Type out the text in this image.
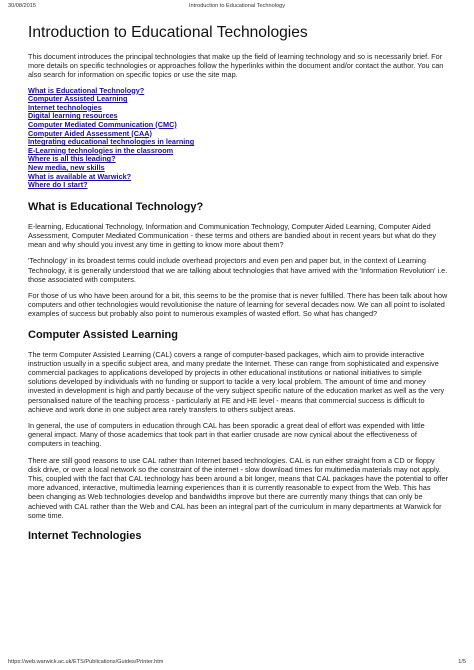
30/08/2015	Introduction to Educational Technology
Introduction to Educational Technologies

This document introduces the principal technologies that make up the field of learning technology and so is necessarily brief. For more details on specific technologies or approaches follow the hyperlinks within the document and/or contact the author. You can also search for information on specific topics or use the site map.

What is Educational Technology?
Computer Assisted Learning
Internet technologies
Digital learning resources
Computer Mediated Communication (CMC)
Computer Aided Assessment (CAA)
Integrating educational technologies in learning
E-Learning technologies in the classroom
Where is all this leading?
New media, new skills
What is available at Warwick?
Where do I start?
What is Educational Technology?

E-learning, Educational Technology, Information and Communication Technology, Computer Aided Learning, Computer Aided Assessment, Computer Mediated Communication - these terms and others are bandied about in recent years but what do they mean and why should you invest any time in getting to know more about them?

'Technology' in its broadest terms could include overhead projectors and even pen and paper but, in the context of Learning Technology, it is generally understood that we are talking about technologies that have arrived with the 'Information Revolution' i.e. those associated with computers.

For those of us who have been around for a bit, this seems to be the promise that is never fulfilled. There has been talk about how computers and other technologies would revolutionise the nature of learning for several decades now. We can all point to isolated examples of success but probably also point to numerous examples of wasted effort. So what has changed?

Computer Assisted Learning

The term Computer Assisted Learning (CAL) covers a range of computer-based packages, which aim to provide interactive instruction usually in a specific subject area, and many predate the Internet. These can range from sophisticated and expensive commercial packages to applications developed by projects in other educational institutions or national initiatives to simple solutions developed by individuals with no funding or support to tackle a very local problem. The amount of time and money invested in development is high and partly because of the very subject specific nature of the education market as well as the very personalised nature of the teaching process - particularly at FE and HE level - means that commercial success is difficult to achieve and work done in one subject area rarely transfers to others subject areas.

In general, the use of computers in education through CAL has been sporadic a great deal of effort was expended with little general impact. Many of those academics that took part in that earlier crusade are now cynical about the effectiveness of computers in teaching.

There are still good reasons to use CAL rather than Internet based technologies. CAL is run either straight from a CD or floppy disk drive, or over a local network so the constraint of the internet - slow download times for multimedia materials may not apply. This, coupled with the fact that CAL technology has been around a bit longer, means that CAL packages have the potential to offer more advanced, interactive, multimedia learning experiences than it is currently reasonable to expect from the Web. This has been changing as Web technologies develop and bandwidths improve but there are currently many things that can only be achieved with CAL rather than the Web and CAL has been an integral part of the curriculum in many departments at Warwick for some time.

Internet Technologies
https://web.warwick.ac.uk/ETS/Publications/Guides/Printer.htm	1/5
